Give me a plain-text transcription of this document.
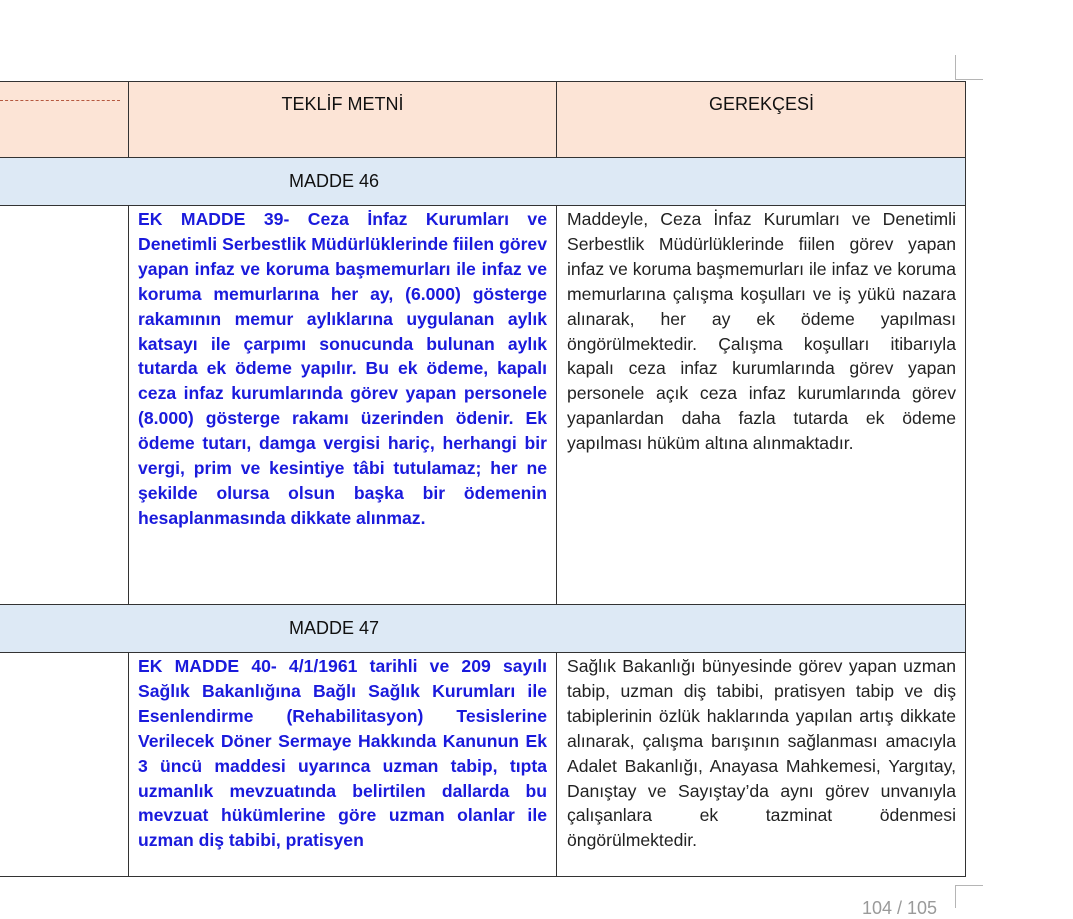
TEKLİF METNİ	GEREKÇESİ
MADDE 46
EK MADDE 39- Ceza İnfaz Kurumları ve Denetimli Serbestlik Müdürlüklerinde fiilen görev yapan infaz ve koruma başmemurları ile infaz ve koruma memurlarına her ay, (6.000) gösterge rakamının memur aylıklarına uygulanan aylık katsayı ile çarpımı sonucunda bulunan aylık tutarda ek ödeme yapılır. Bu ek ödeme, kapalı ceza infaz kurumlarında görev yapan personele (8.000) gösterge rakamı üzerinden ödenir. Ek ödeme tutarı, damga vergisi hariç, herhangi bir vergi, prim ve kesintiye tâbi tutulamaz; her ne şekilde olursa olsun başka bir ödemenin hesaplanmasında dikkate alınmaz.
Maddeyle, Ceza İnfaz Kurumları ve Denetimli Serbestlik Müdürlüklerinde fiilen görev yapan infaz ve koruma başmemurları ile infaz ve koruma memurlarına çalışma koşulları ve iş yükü nazara alınarak, her ay ek ödeme yapılması öngörülmektedir. Çalışma koşulları itibarıyla kapalı ceza infaz kurumlarında görev yapan personele açık ceza infaz kurumlarında görev yapanlardan daha fazla tutarda ek ödeme yapılması hüküm altına alınmaktadır.
MADDE 47
EK MADDE 40- 4/1/1961 tarihli ve 209 sayılı Sağlık Bakanlığına Bağlı Sağlık Kurumları ile Esenlendirme (Rehabilitasyon) Tesislerine Verilecek Döner Sermaye Hakkında Kanunun Ek 3 üncü maddesi uyarınca uzman tabip, tıpta uzmanlık mevzuatında belirtilen dallarda bu mevzuat hükümlerine göre uzman olanlar ile uzman diş tabibi, pratisyen
Sağlık Bakanlığı bünyesinde görev yapan uzman tabip, uzman diş tabibi, pratisyen tabip ve diş tabiplerinin özlük haklarında yapılan artış dikkate alınarak, çalışma barışının sağlanması amacıyla Adalet Bakanlığı, Anayasa Mahkemesi, Yargıtay, Danıştay ve Sayıştay’da aynı görev unvanıyla çalışanlara ek tazminat ödenmesi öngörülmektedir.
104 / 105
